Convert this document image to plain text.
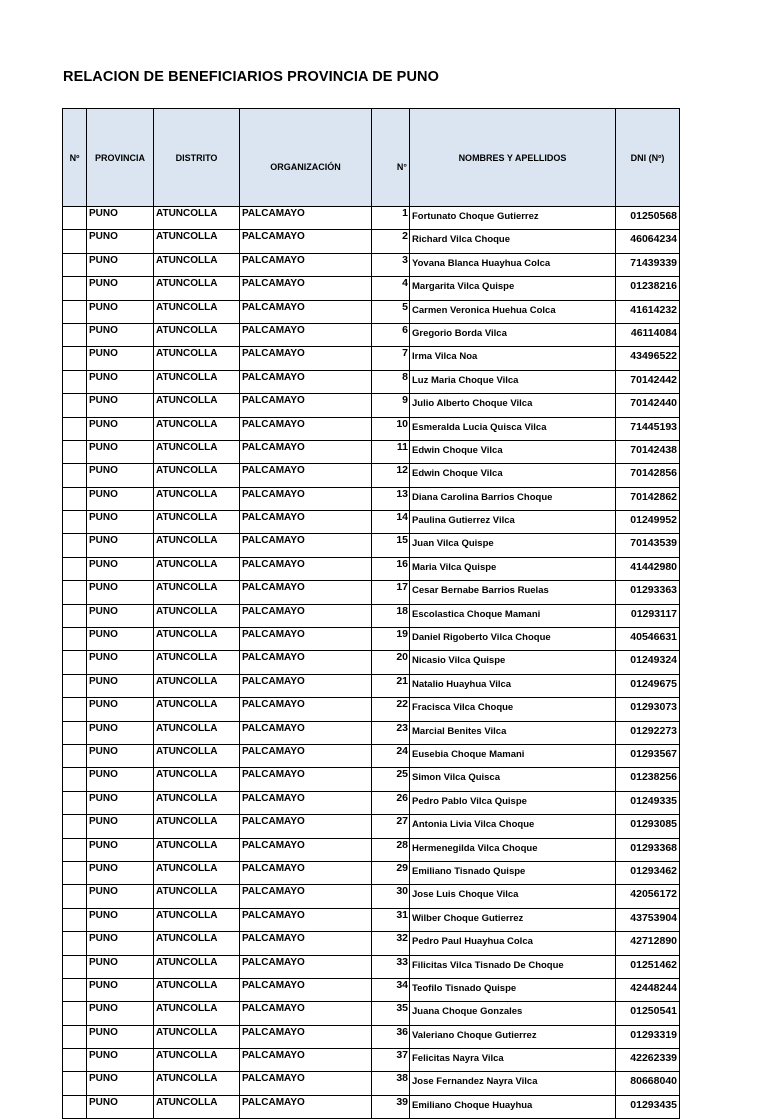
RELACION DE BENEFICIARIOS PROVINCIA DE PUNO
Nº	PROVINCIA	DISTRITO	ORGANIZACIÓN	N°	NOMBRES Y APELLIDOS	DNI (Nº)
	PUNO	ATUNCOLLA	PALCAMAYO	1	Fortunato Choque Gutierrez	01250568
	PUNO	ATUNCOLLA	PALCAMAYO	2	Richard Vilca Choque	46064234
	PUNO	ATUNCOLLA	PALCAMAYO	3	Yovana Blanca Huayhua Colca	71439339
	PUNO	ATUNCOLLA	PALCAMAYO	4	Margarita Vilca Quispe	01238216
	PUNO	ATUNCOLLA	PALCAMAYO	5	Carmen Veronica Huehua Colca	41614232
	PUNO	ATUNCOLLA	PALCAMAYO	6	Gregorio Borda Vilca	46114084
	PUNO	ATUNCOLLA	PALCAMAYO	7	Irma Vilca Noa	43496522
	PUNO	ATUNCOLLA	PALCAMAYO	8	Luz Maria Choque Vilca	70142442
	PUNO	ATUNCOLLA	PALCAMAYO	9	Julio Alberto Choque Vilca	70142440
	PUNO	ATUNCOLLA	PALCAMAYO	10	Esmeralda Lucia Quisca Vilca	71445193
	PUNO	ATUNCOLLA	PALCAMAYO	11	Edwin Choque Vilca	70142438
	PUNO	ATUNCOLLA	PALCAMAYO	12	Edwin Choque Vilca	70142856
	PUNO	ATUNCOLLA	PALCAMAYO	13	Diana Carolina Barrios Choque	70142862
	PUNO	ATUNCOLLA	PALCAMAYO	14	Paulina Gutierrez Vilca	01249952
	PUNO	ATUNCOLLA	PALCAMAYO	15	Juan Vilca Quispe	70143539
	PUNO	ATUNCOLLA	PALCAMAYO	16	Maria Vilca Quispe	41442980
	PUNO	ATUNCOLLA	PALCAMAYO	17	Cesar Bernabe Barrios Ruelas	01293363
	PUNO	ATUNCOLLA	PALCAMAYO	18	Escolastica Choque Mamani	01293117
	PUNO	ATUNCOLLA	PALCAMAYO	19	Daniel Rigoberto Vilca Choque	40546631
	PUNO	ATUNCOLLA	PALCAMAYO	20	Nicasio Vilca Quispe	01249324
	PUNO	ATUNCOLLA	PALCAMAYO	21	Natalio Huayhua Vilca	01249675
	PUNO	ATUNCOLLA	PALCAMAYO	22	Fracisca Vilca Choque	01293073
	PUNO	ATUNCOLLA	PALCAMAYO	23	Marcial Benites Vilca	01292273
	PUNO	ATUNCOLLA	PALCAMAYO	24	Eusebia Choque Mamani	01293567
	PUNO	ATUNCOLLA	PALCAMAYO	25	Simon Vilca Quisca	01238256
	PUNO	ATUNCOLLA	PALCAMAYO	26	Pedro Pablo Vilca Quispe	01249335
	PUNO	ATUNCOLLA	PALCAMAYO	27	Antonia Livia Vilca Choque	01293085
	PUNO	ATUNCOLLA	PALCAMAYO	28	Hermenegilda Vilca Choque	01293368
	PUNO	ATUNCOLLA	PALCAMAYO	29	Emiliano Tisnado Quispe	01293462
	PUNO	ATUNCOLLA	PALCAMAYO	30	Jose Luis Choque Vilca	42056172
	PUNO	ATUNCOLLA	PALCAMAYO	31	Wilber Choque Gutierrez	43753904
	PUNO	ATUNCOLLA	PALCAMAYO	32	Pedro Paul Huayhua Colca	42712890
	PUNO	ATUNCOLLA	PALCAMAYO	33	Filicitas Vilca Tisnado De Choque	01251462
	PUNO	ATUNCOLLA	PALCAMAYO	34	Teofilo Tisnado Quispe	42448244
	PUNO	ATUNCOLLA	PALCAMAYO	35	Juana Choque Gonzales	01250541
	PUNO	ATUNCOLLA	PALCAMAYO	36	Valeriano Choque Gutierrez	01293319
	PUNO	ATUNCOLLA	PALCAMAYO	37	Felicitas Nayra Vilca	42262339
	PUNO	ATUNCOLLA	PALCAMAYO	38	Jose Fernandez Nayra Vilca	80668040
	PUNO	ATUNCOLLA	PALCAMAYO	39	Emiliano Choque Huayhua	01293435
